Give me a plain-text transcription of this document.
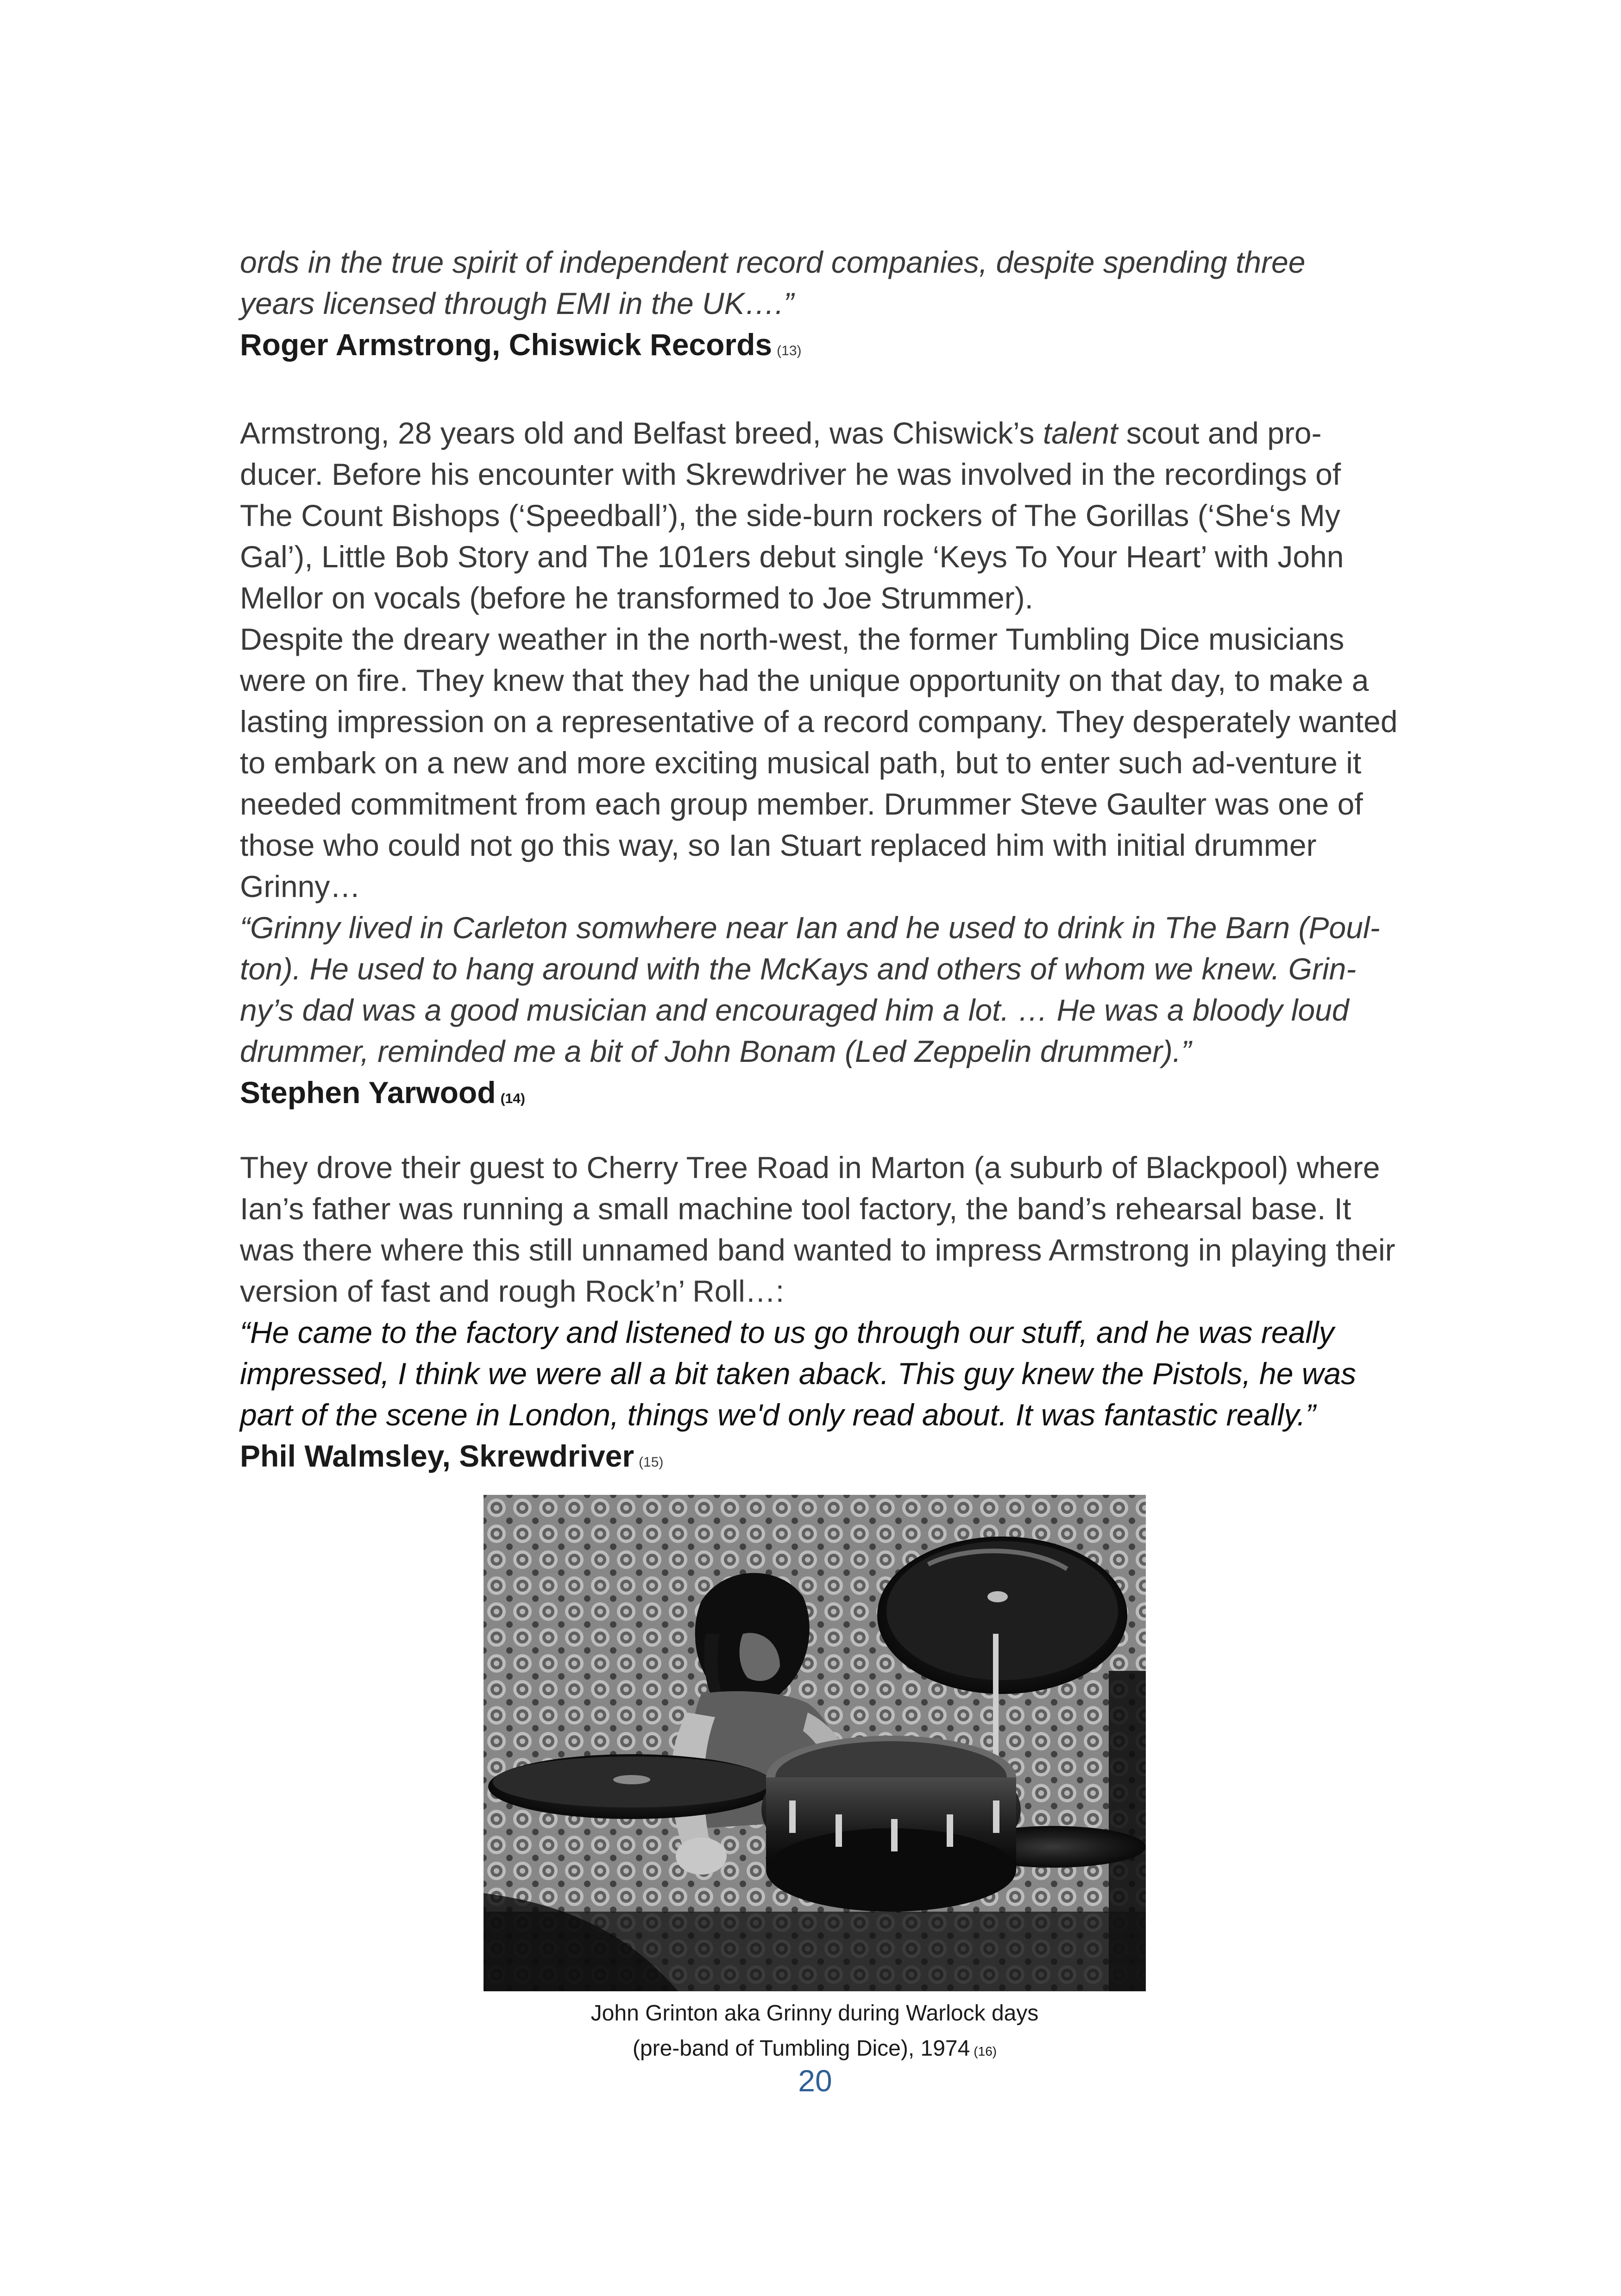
ords in the true spirit of independent record companies, despite spending three
years licensed through EMI in the UK….”

Roger Armstrong, Chiswick Records (13)

Armstrong, 28 years old and Belfast breed, was Chiswick’s talent scout and pro-ducer. Before his encounter with Skrewdriver he was involved in the recordings of The Count Bishops (‘Speedball’), the side-burn rockers of The Gorillas (‘She‘s My Gal’), Little Bob Story and The 101ers debut single ‘Keys To Your Heart’ with John Mellor on vocals (before he transformed to Joe Strummer).

Despite the dreary weather in the north-west, the former Tumbling Dice musicians were on fire. They knew that they had the unique opportunity on that day, to make a lasting impression on a representative of a record company. They desperately wanted to embark on a new and more exciting musical path, but to enter such ad-venture it needed commitment from each group member. Drummer Steve Gaulter was one of those who could not go this way, so Ian Stuart replaced him with initial drummer Grinny…

“Grinny lived in Carleton somwhere near Ian and he used to drink in The Barn (Poul-ton). He used to hang around with the McKays and others of whom we knew. Grin-ny’s dad was a good musician and encouraged him a lot. … He was a bloody loud drummer, reminded me a bit of John Bonam (Led Zeppelin drummer).”

Stephen Yarwood (14)

They drove their guest to Cherry Tree Road in Marton (a suburb of Blackpool) where Ian’s father was running a small machine tool factory, the band’s rehearsal base. It was there where this still unnamed band wanted to impress Armstrong in playing their version of fast and rough Rock’n’ Roll…:

“He came to the factory and listened to us go through our stuff, and he was really impressed, I think we were all a bit taken aback. This guy knew the Pistols, he was part of the scene in London, things we'd only read about. It was fantastic really.”

Phil Walmsley, Skrewdriver (15)

John Grinton aka Grinny during Warlock days
(pre-band of Tumbling Dice), 1974 (16)
20
